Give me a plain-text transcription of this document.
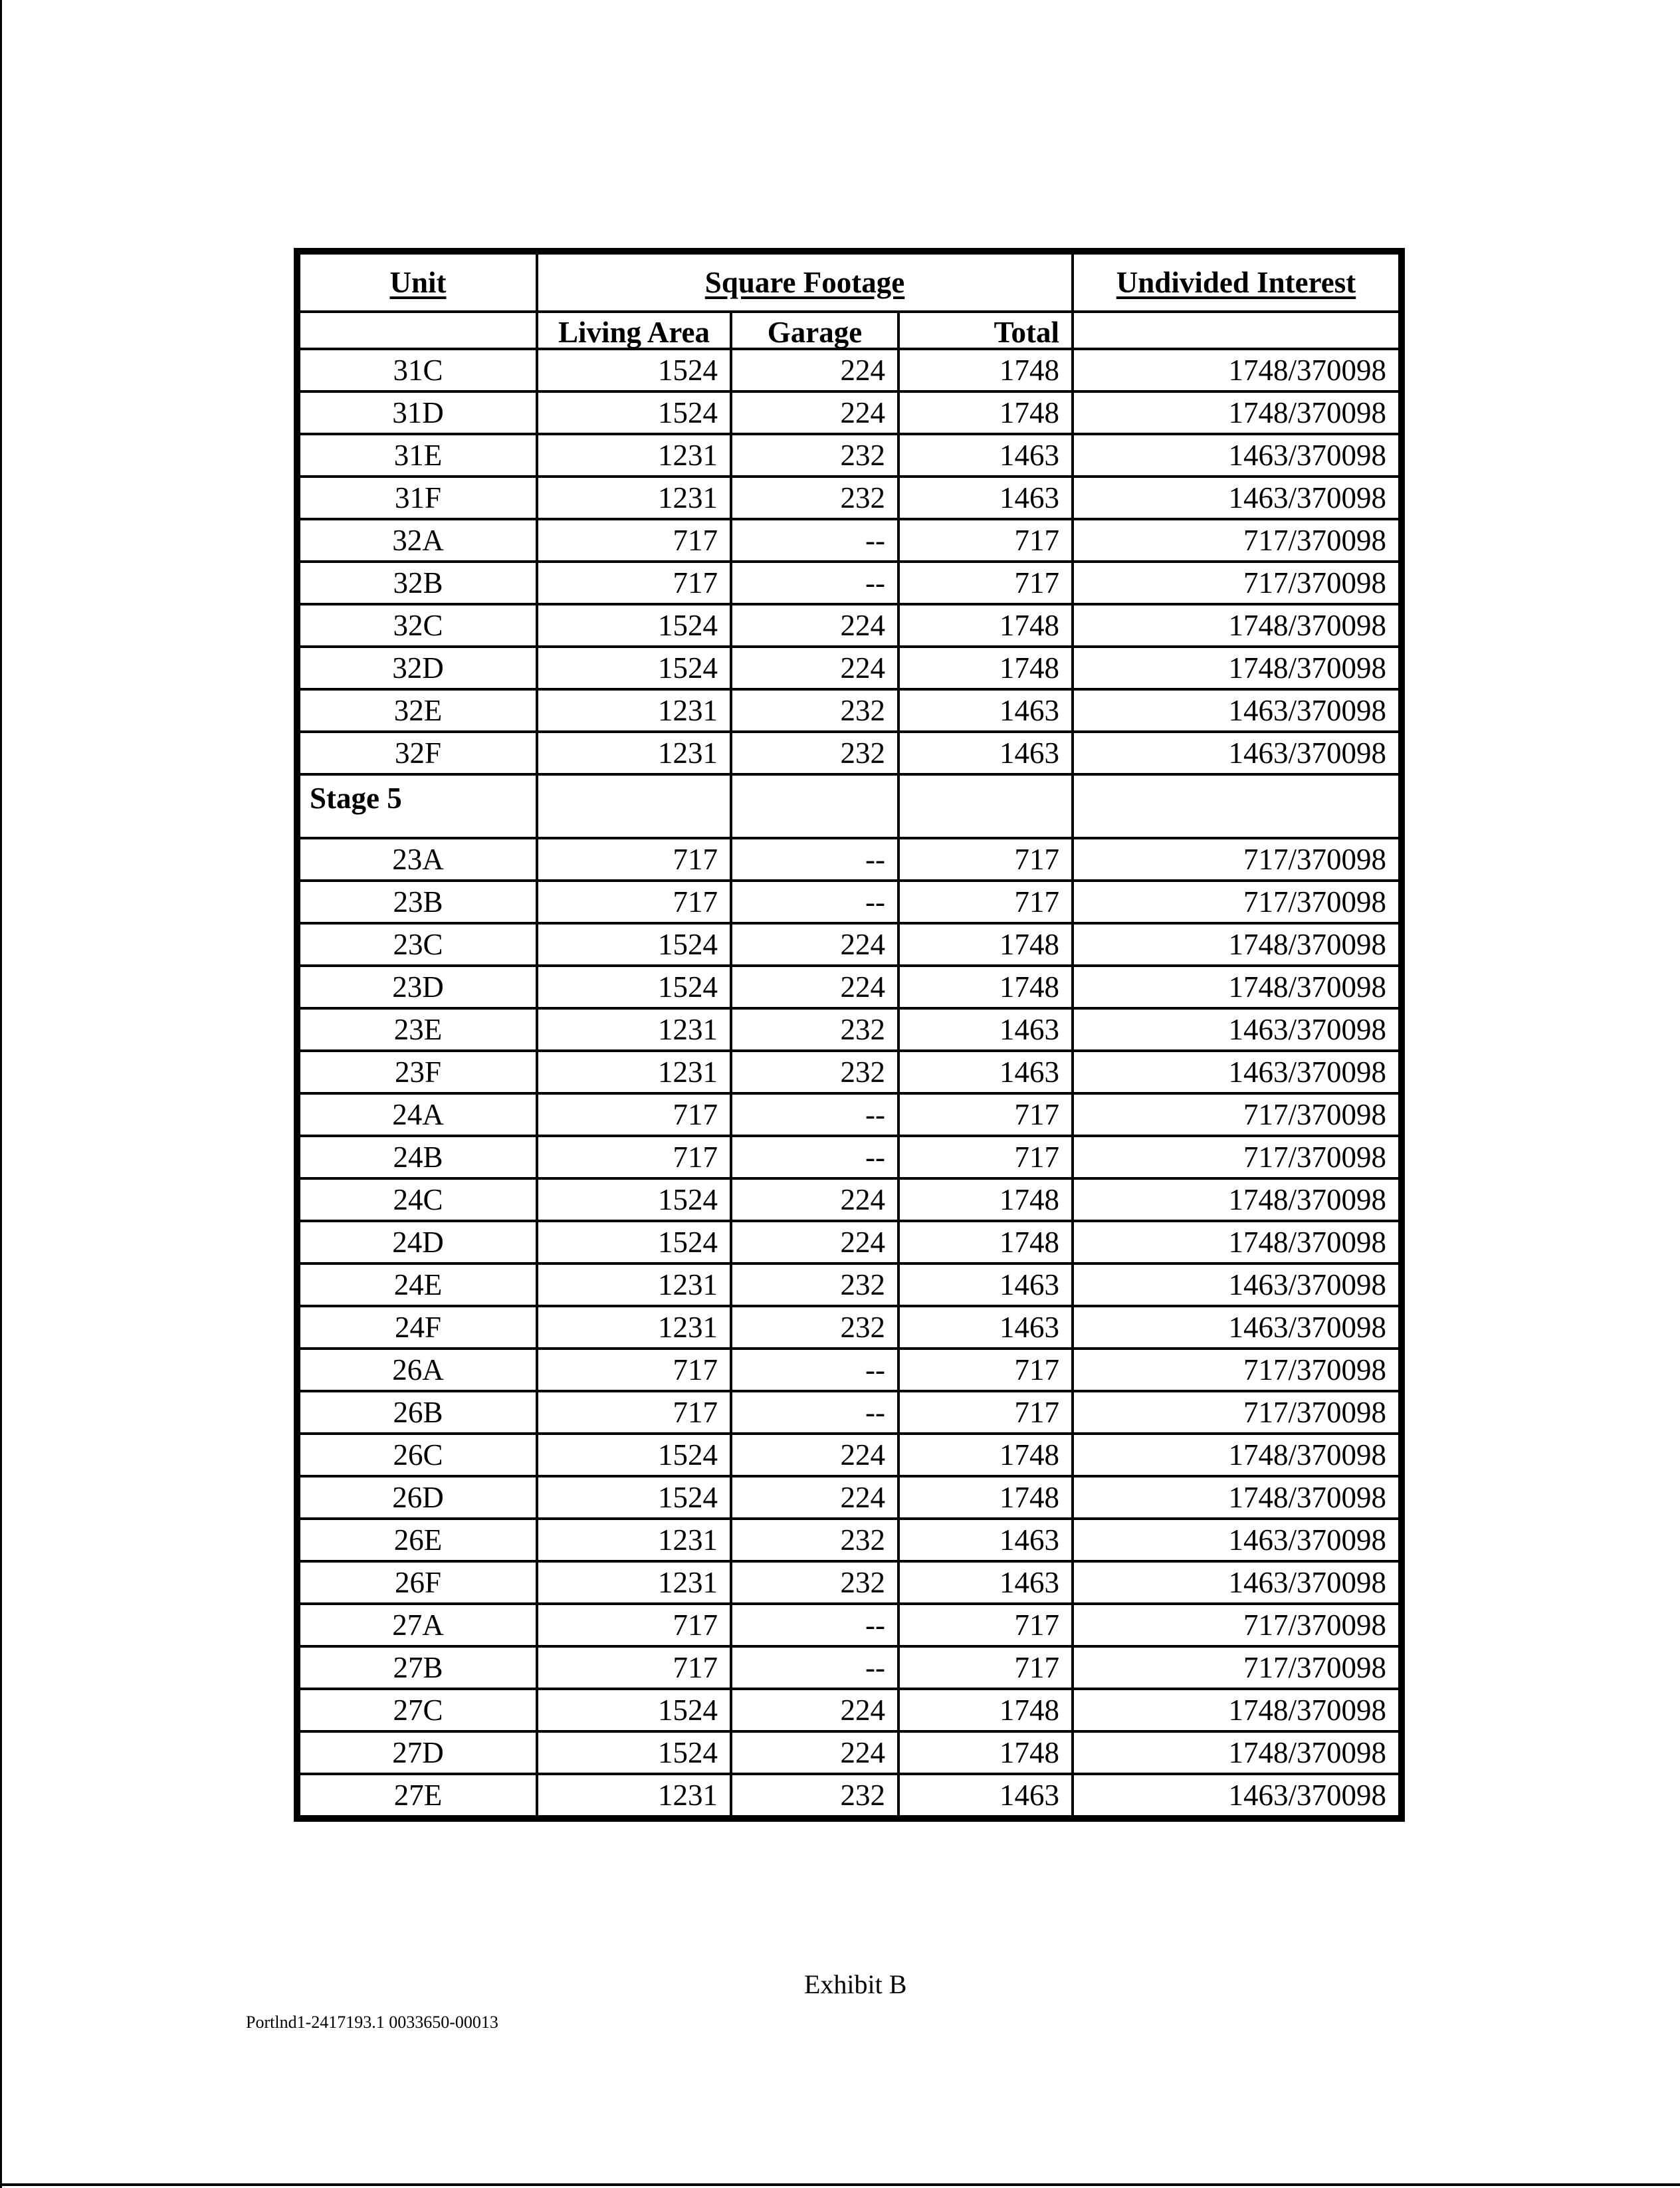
Unit	Square Footage			Undivided Interest
	Living Area	Garage	Total	
31C	1524	224	1748	1748/370098
31D	1524	224	1748	1748/370098
31E	1231	232	1463	1463/370098
31F	1231	232	1463	1463/370098
32A	717	--	717	717/370098
32B	717	--	717	717/370098
32C	1524	224	1748	1748/370098
32D	1524	224	1748	1748/370098
32E	1231	232	1463	1463/370098
32F	1231	232	1463	1463/370098
Stage 5				
23A	717	--	717	717/370098
23B	717	--	717	717/370098
23C	1524	224	1748	1748/370098
23D	1524	224	1748	1748/370098
23E	1231	232	1463	1463/370098
23F	1231	232	1463	1463/370098
24A	717	--	717	717/370098
24B	717	--	717	717/370098
24C	1524	224	1748	1748/370098
24D	1524	224	1748	1748/370098
24E	1231	232	1463	1463/370098
24F	1231	232	1463	1463/370098
26A	717	--	717	717/370098
26B	717	--	717	717/370098
26C	1524	224	1748	1748/370098
26D	1524	224	1748	1748/370098
26E	1231	232	1463	1463/370098
26F	1231	232	1463	1463/370098
27A	717	--	717	717/370098
27B	717	--	717	717/370098
27C	1524	224	1748	1748/370098
27D	1524	224	1748	1748/370098
27E	1231	232	1463	1463/370098
Exhibit B
Portlnd1-2417193.1 0033650-00013
